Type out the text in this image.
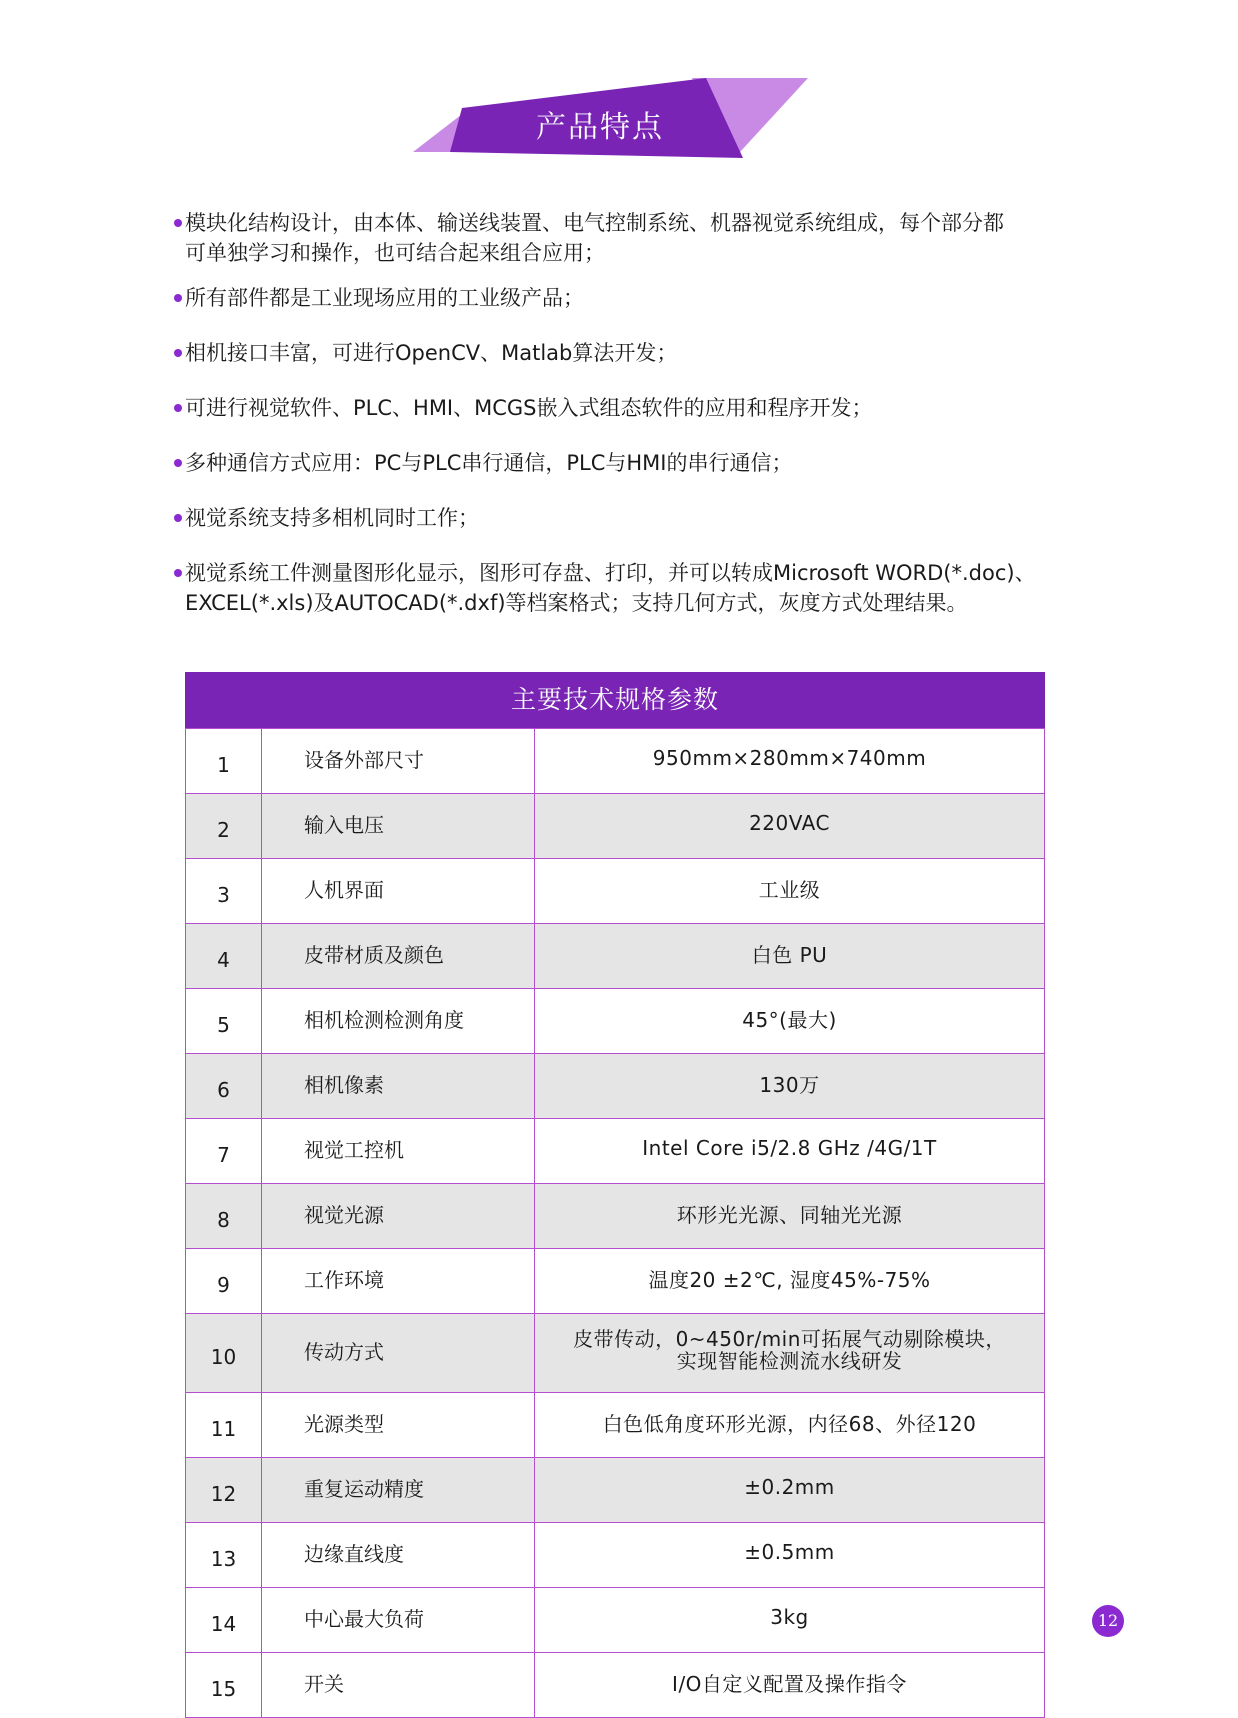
产品特点
模块化结构设计，由本体、输送线装置、电气控制系统、机器视觉系统组成，每个部分都
可单独学习和操作，也可结合起来组合应用；
所有部件都是工业现场应用的工业级产品；
相机接口丰富，可进行OpenCV、Matlab算法开发；
可进行视觉软件、PLC、HMI、MCGS嵌入式组态软件的应用和程序开发；
多种通信方式应用：PC与PLC串行通信，PLC与HMI的串行通信；
视觉系统支持多相机同时工作；
视觉系统工件测量图形化显示，图形可存盘、打印，并可以转成Microsoft WORD(*.doc)、
EXCEL(*.xls)及AUTOCAD(*.dxf)等档案格式；支持几何方式，灰度方式处理结果。
主要技术规格参数
1	设备外部尺寸	950mm×280mm×740mm
2	输入电压	220VAC
3	人机界面	工业级
4	皮带材质及颜色	白色 PU
5	相机检测检测角度	45°(最大)
6	相机像素	130万
7	视觉工控机	Intel Core i5/2.8 GHz /4G/1T
8	视觉光源	环形光光源、同轴光光源
9	工作环境	温度20 ±2℃, 湿度45%-75%
10	传动方式	皮带传动，0~450r/min可拓展气动剔除模块，
实现智能检测流水线研发

11	光源类型	白色低角度环形光源，内径68、外径120
12	重复运动精度	±0.2mm
13	边缘直线度	±0.5mm
14	中心最大负荷	3kg
15	开关	I/O自定义配置及操作指令
12
